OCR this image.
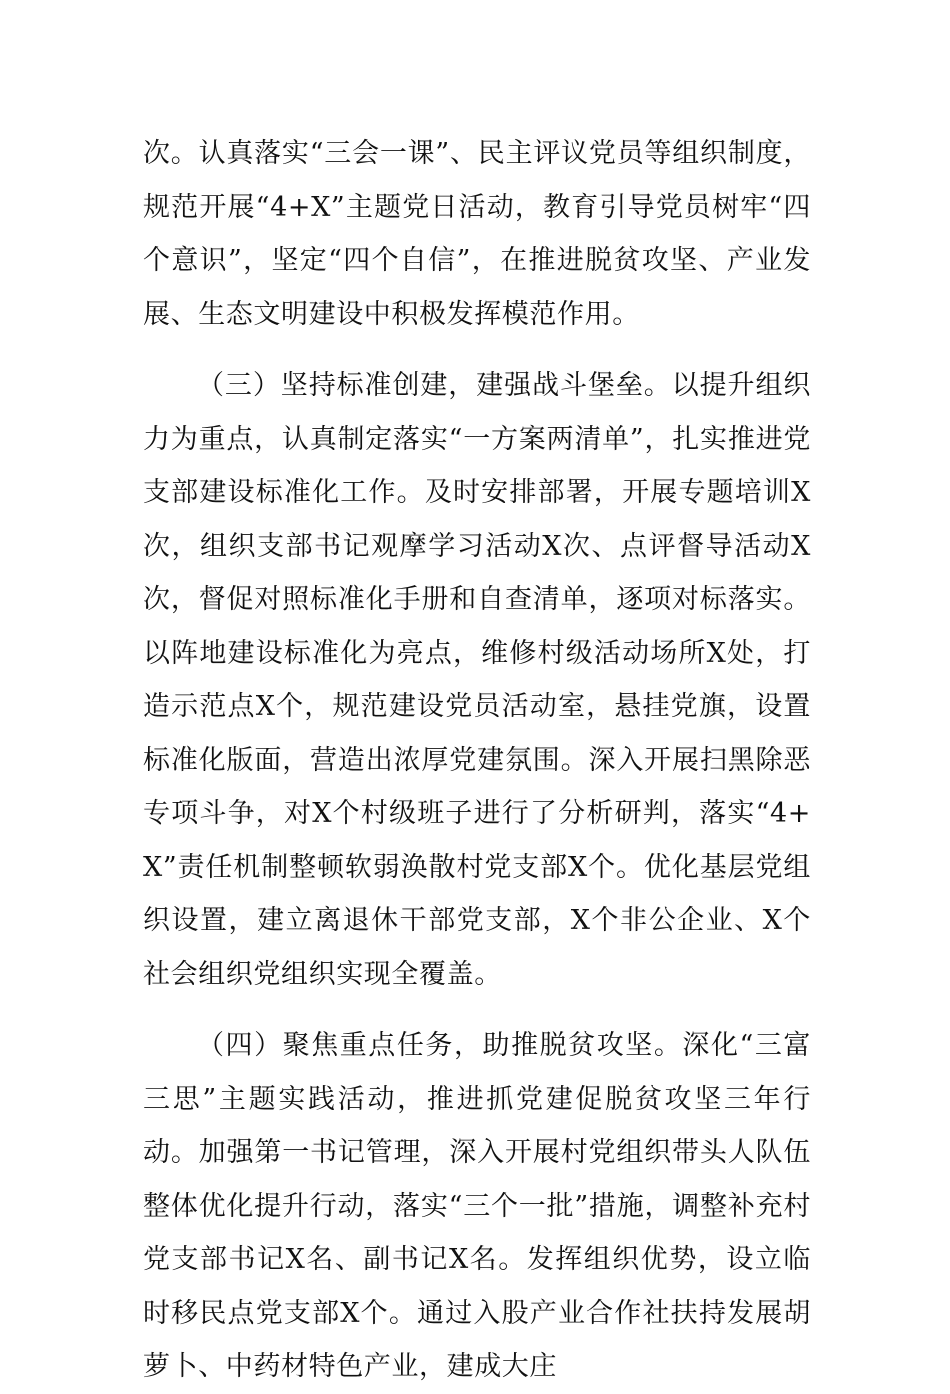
次。认真落实“三会一课”、民主评议党员等组织制度，规范开展“4+X”主题党日活动，教育引导党员树牢“四个意识”，坚定“四个自信”，在推进脱贫攻坚、产业发展、生态文明建设中积极发挥模范作用。

（三）坚持标准创建，建强战斗堡垒。以提升组织力为重点，认真制定落实“一方案两清单”，扎实推进党支部建设标准化工作。及时安排部署，开展专题培训X次，组织支部书记观摩学习活动X次、点评督导活动X次，督促对照标准化手册和自查清单，逐项对标落实。以阵地建设标准化为亮点，维修村级活动场所X处，打造示范点X个，规范建设党员活动室，悬挂党旗，设置标准化版面，营造出浓厚党建氛围。深入开展扫黑除恶专项斗争，对X个村级班子进行了分析研判，落实“4+X”责任机制整顿软弱涣散村党支部X个。优化基层党组织设置，建立离退休干部党支部，X个非公企业、X个社会组织党组织实现全覆盖。

（四）聚焦重点任务，助推脱贫攻坚。深化“三富三思”主题实践活动，推进抓党建促脱贫攻坚三年行动。加强第一书记管理，深入开展村党组织带头人队伍整体优化提升行动，落实“三个一批”措施，调整补充村党支部书记X名、副书记X名。发挥组织优势，设立临时移民点党支部X个。通过入股产业合作社扶持发展胡萝卜、中药材特色产业，建成大庄
